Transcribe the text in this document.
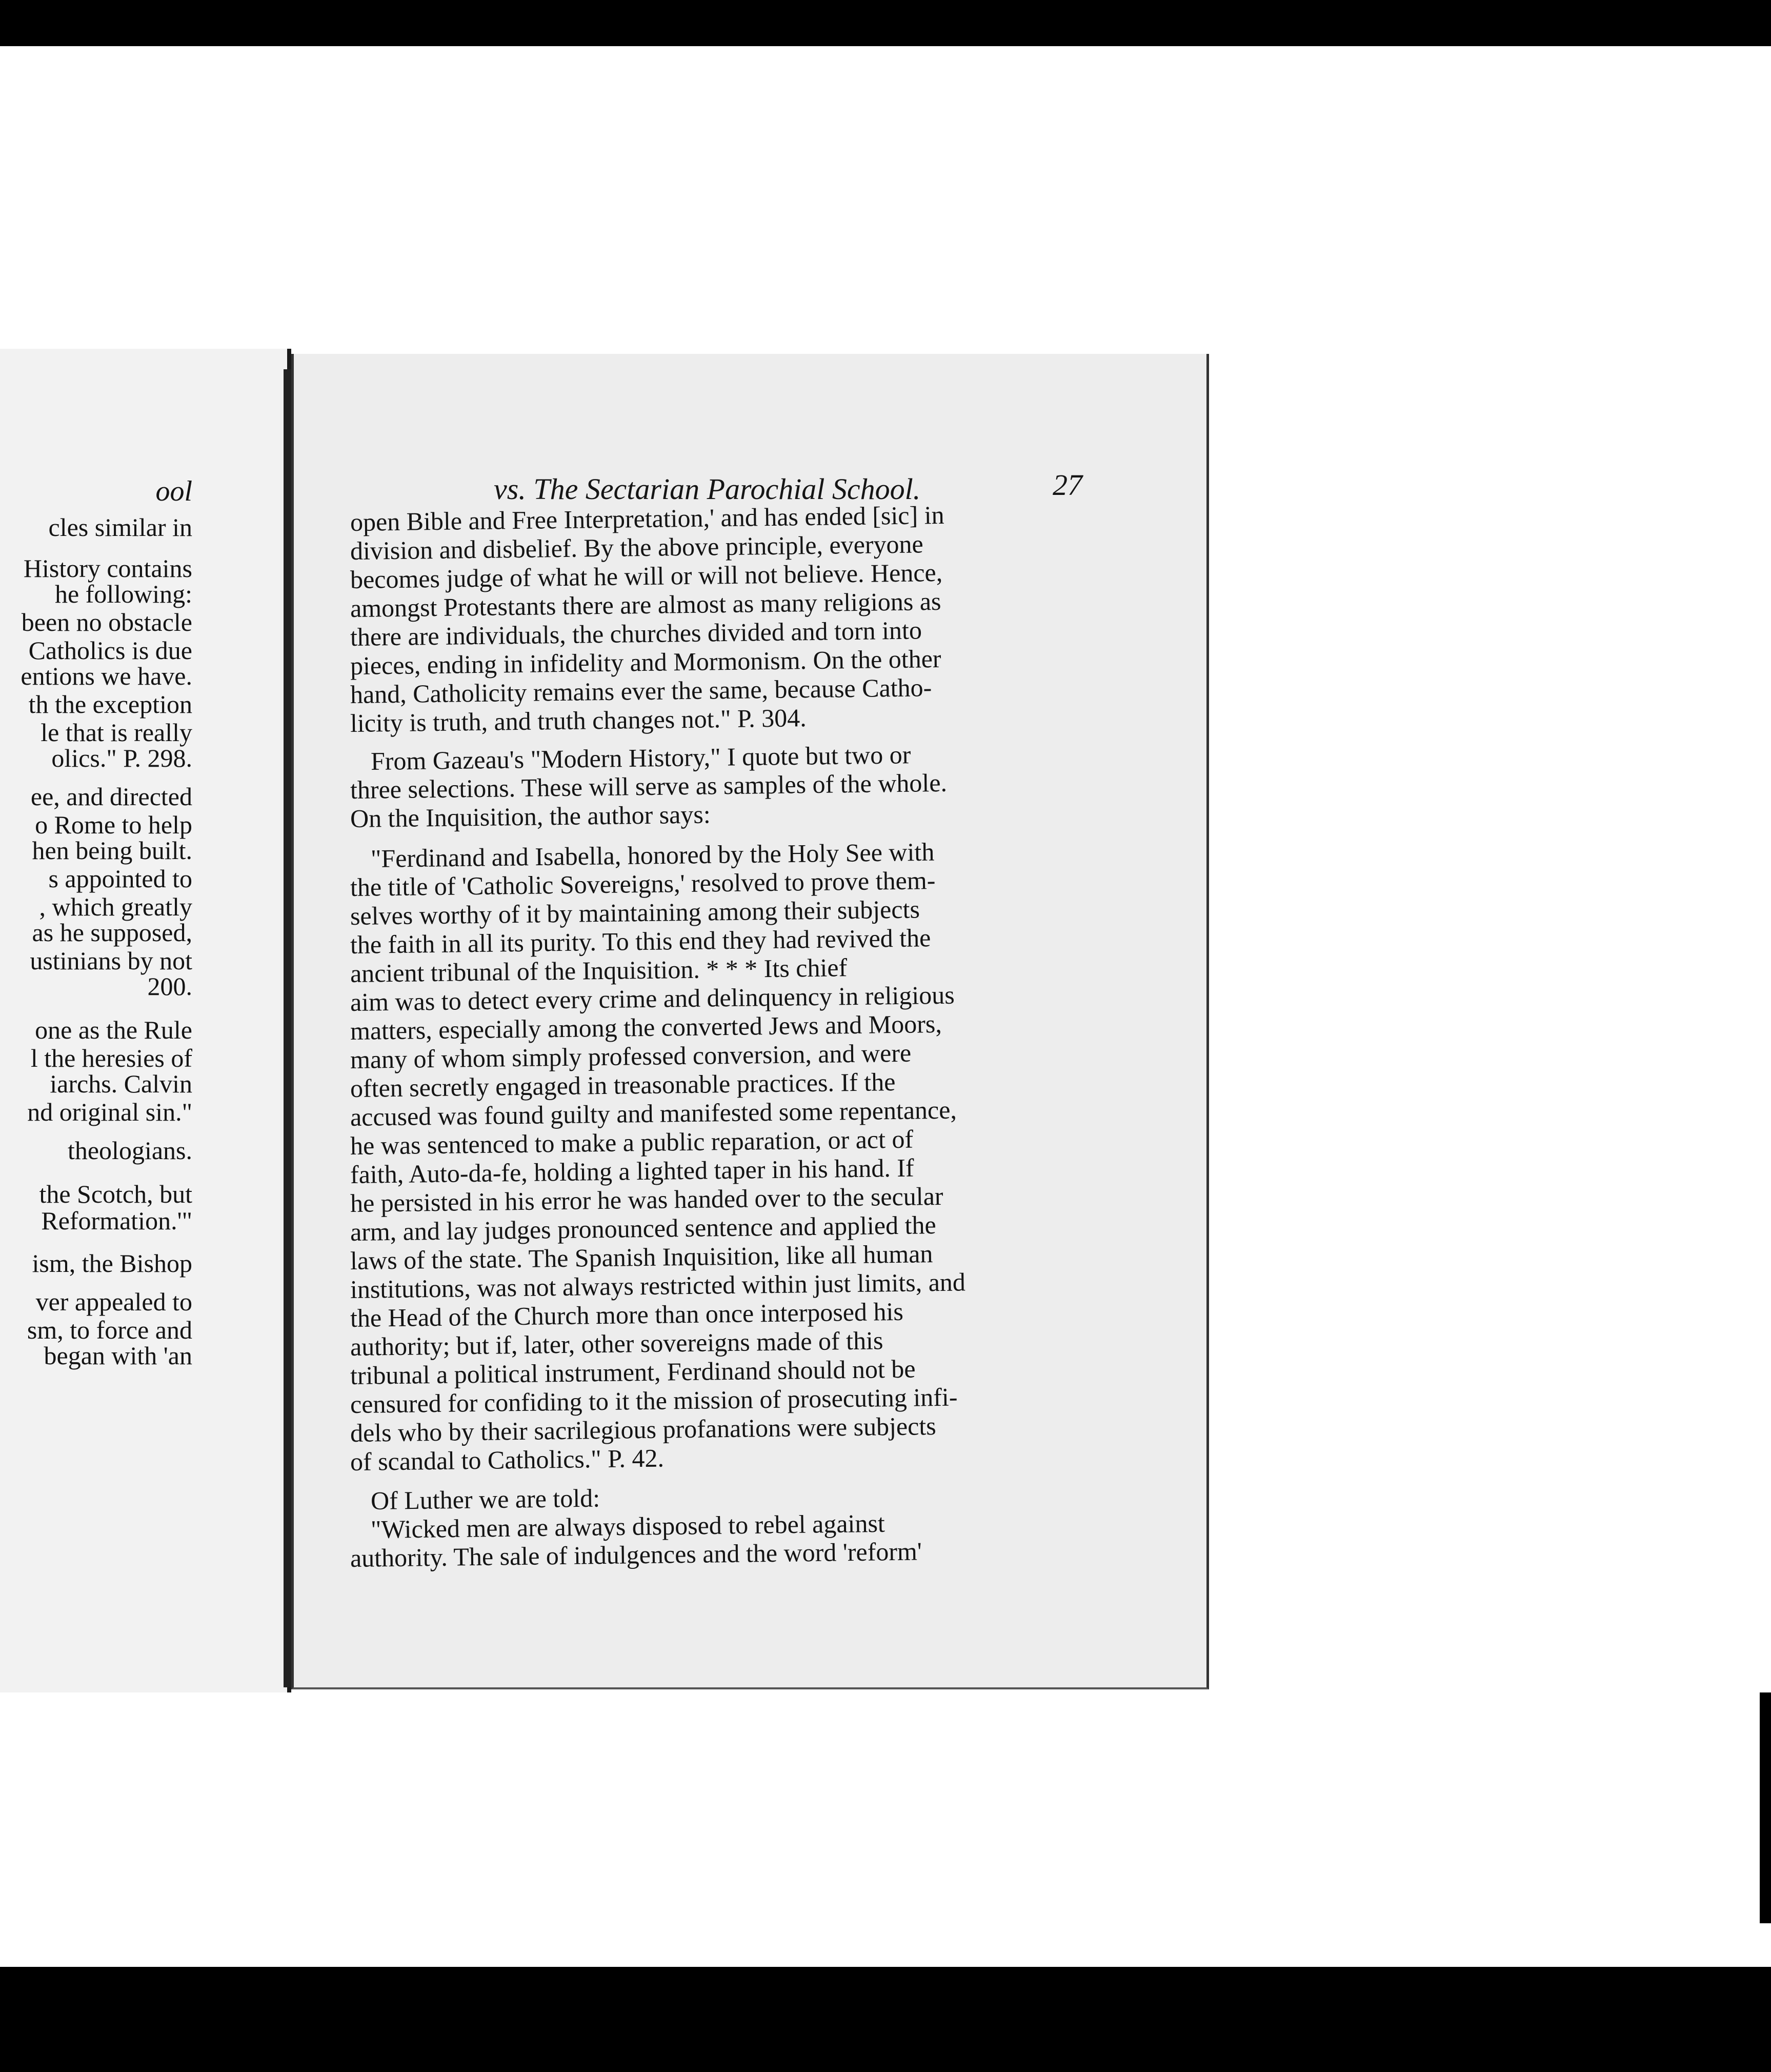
ool
cles similar in
History contains
he following:
been no obstacle
Catholics is due
entions we have.
th the exception
le that is really
olics." P. 298.
ee, and directed
o Rome to help
hen being built.
s appointed to
, which greatly
as he supposed,
ustinians by not
200.
one as the Rule
l the heresies of
iarchs. Calvin
nd original sin."
theologians.
the Scotch, but
Reformation.'"
ism, the Bishop
ver appealed to
sm, to force and
began with 'an
vs. The Sectarian Parochial School.	27
open Bible and Free Interpretation,' and has ended [sic] in
division and disbelief. By the above principle, everyone
becomes judge of what he will or will not believe. Hence,
amongst Protestants there are almost as many religions as
there are individuals, the churches divided and torn into
pieces, ending in infidelity and Mormonism. On the other
hand, Catholicity remains ever the same, because Catho-
licity is truth, and truth changes not." P. 304.
From Gazeau's "Modern History," I quote but two or
three selections. These will serve as samples of the whole.
On the Inquisition, the author says:
"Ferdinand and Isabella, honored by the Holy See with
the title of 'Catholic Sovereigns,' resolved to prove them-
selves worthy of it by maintaining among their subjects
the faith in all its purity. To this end they had revived the
ancient tribunal of the Inquisition. * * * Its chief
aim was to detect every crime and delinquency in religious
matters, especially among the converted Jews and Moors,
many of whom simply professed conversion, and were
often secretly engaged in treasonable practices. If the
accused was found guilty and manifested some repentance,
he was sentenced to make a public reparation, or act of
faith, Auto-da-fe, holding a lighted taper in his hand. If
he persisted in his error he was handed over to the secular
arm, and lay judges pronounced sentence and applied the
laws of the state. The Spanish Inquisition, like all human
institutions, was not always restricted within just limits, and
the Head of the Church more than once interposed his
authority; but if, later, other sovereigns made of this
tribunal a political instrument, Ferdinand should not be
censured for confiding to it the mission of prosecuting infi-
dels who by their sacrilegious profanations were subjects
of scandal to Catholics." P. 42.
Of Luther we are told:
"Wicked men are always disposed to rebel against
authority. The sale of indulgences and the word 'reform'
